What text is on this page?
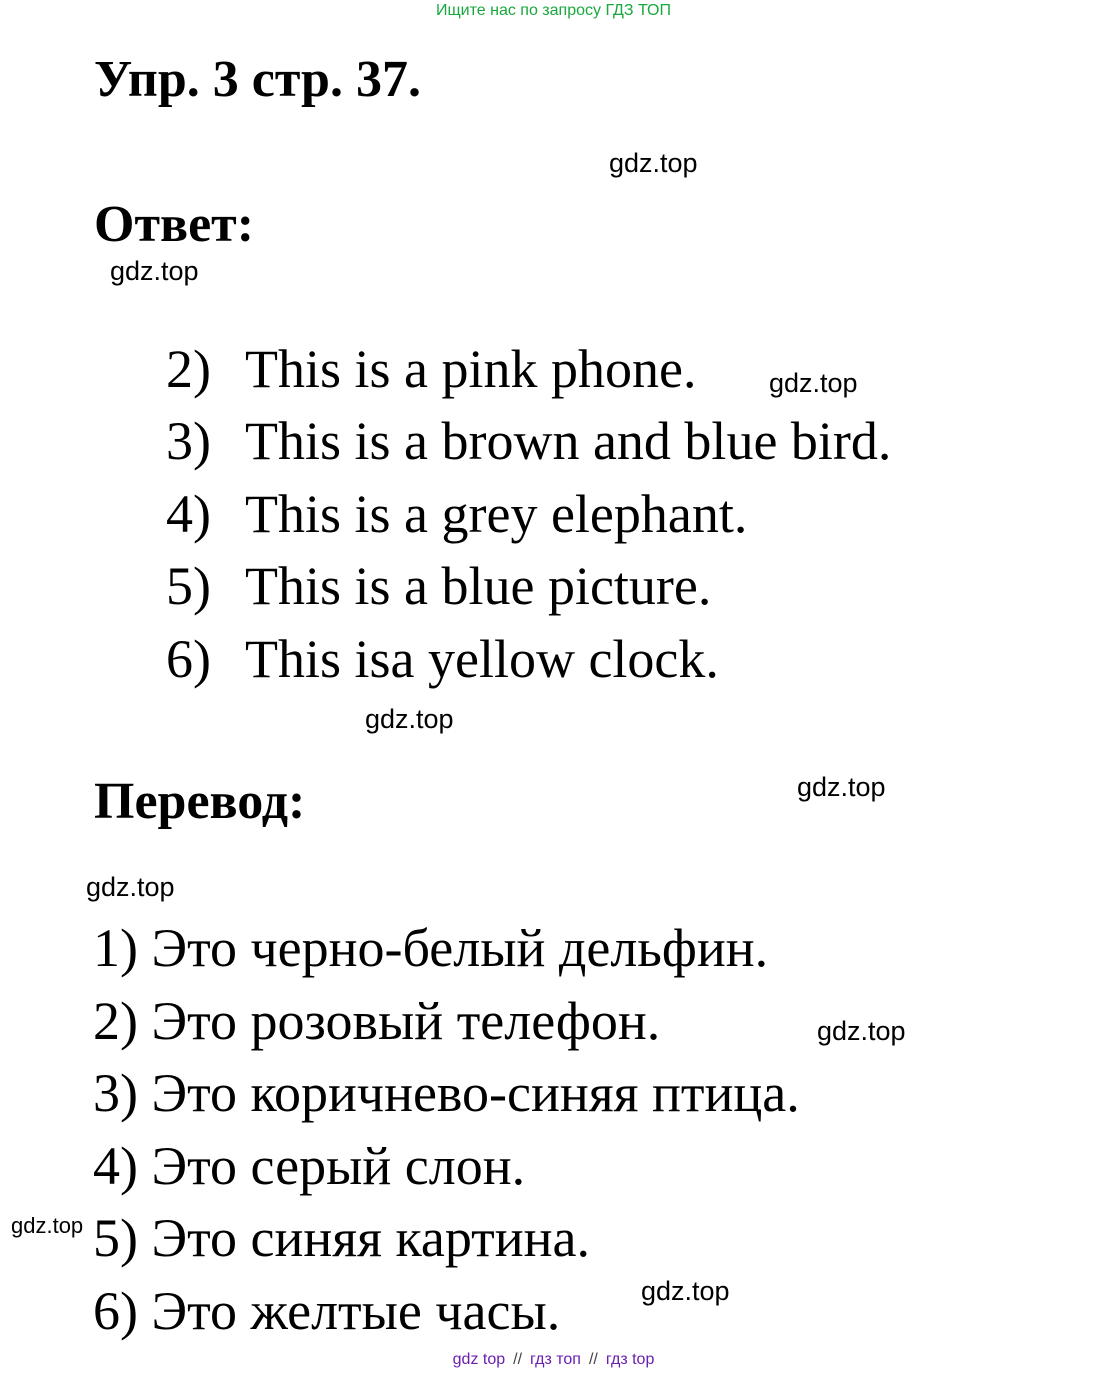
Ищите нас по запросу ГДЗ ТОП
Упр. 3 стр. 37.
Ответ:
2) This is a pink phone.
3) This is a brown and blue bird.
4) This is a grey elephant.
5) This is a blue picture.
6) This isa yellow clock.
Перевод:
1) Это черно-белый дельфин.
2) Это розовый телефон.
3) Это коричнево-синяя птица.
4) Это серый слон.
5) Это синяя картина.
6) Это желтые часы.
gdz.top
gdz.top
gdz.top
gdz.top
gdz.top
gdz.top
gdz.top
gdz.top
gdz.top
gdz top // гдз топ // гдз top
